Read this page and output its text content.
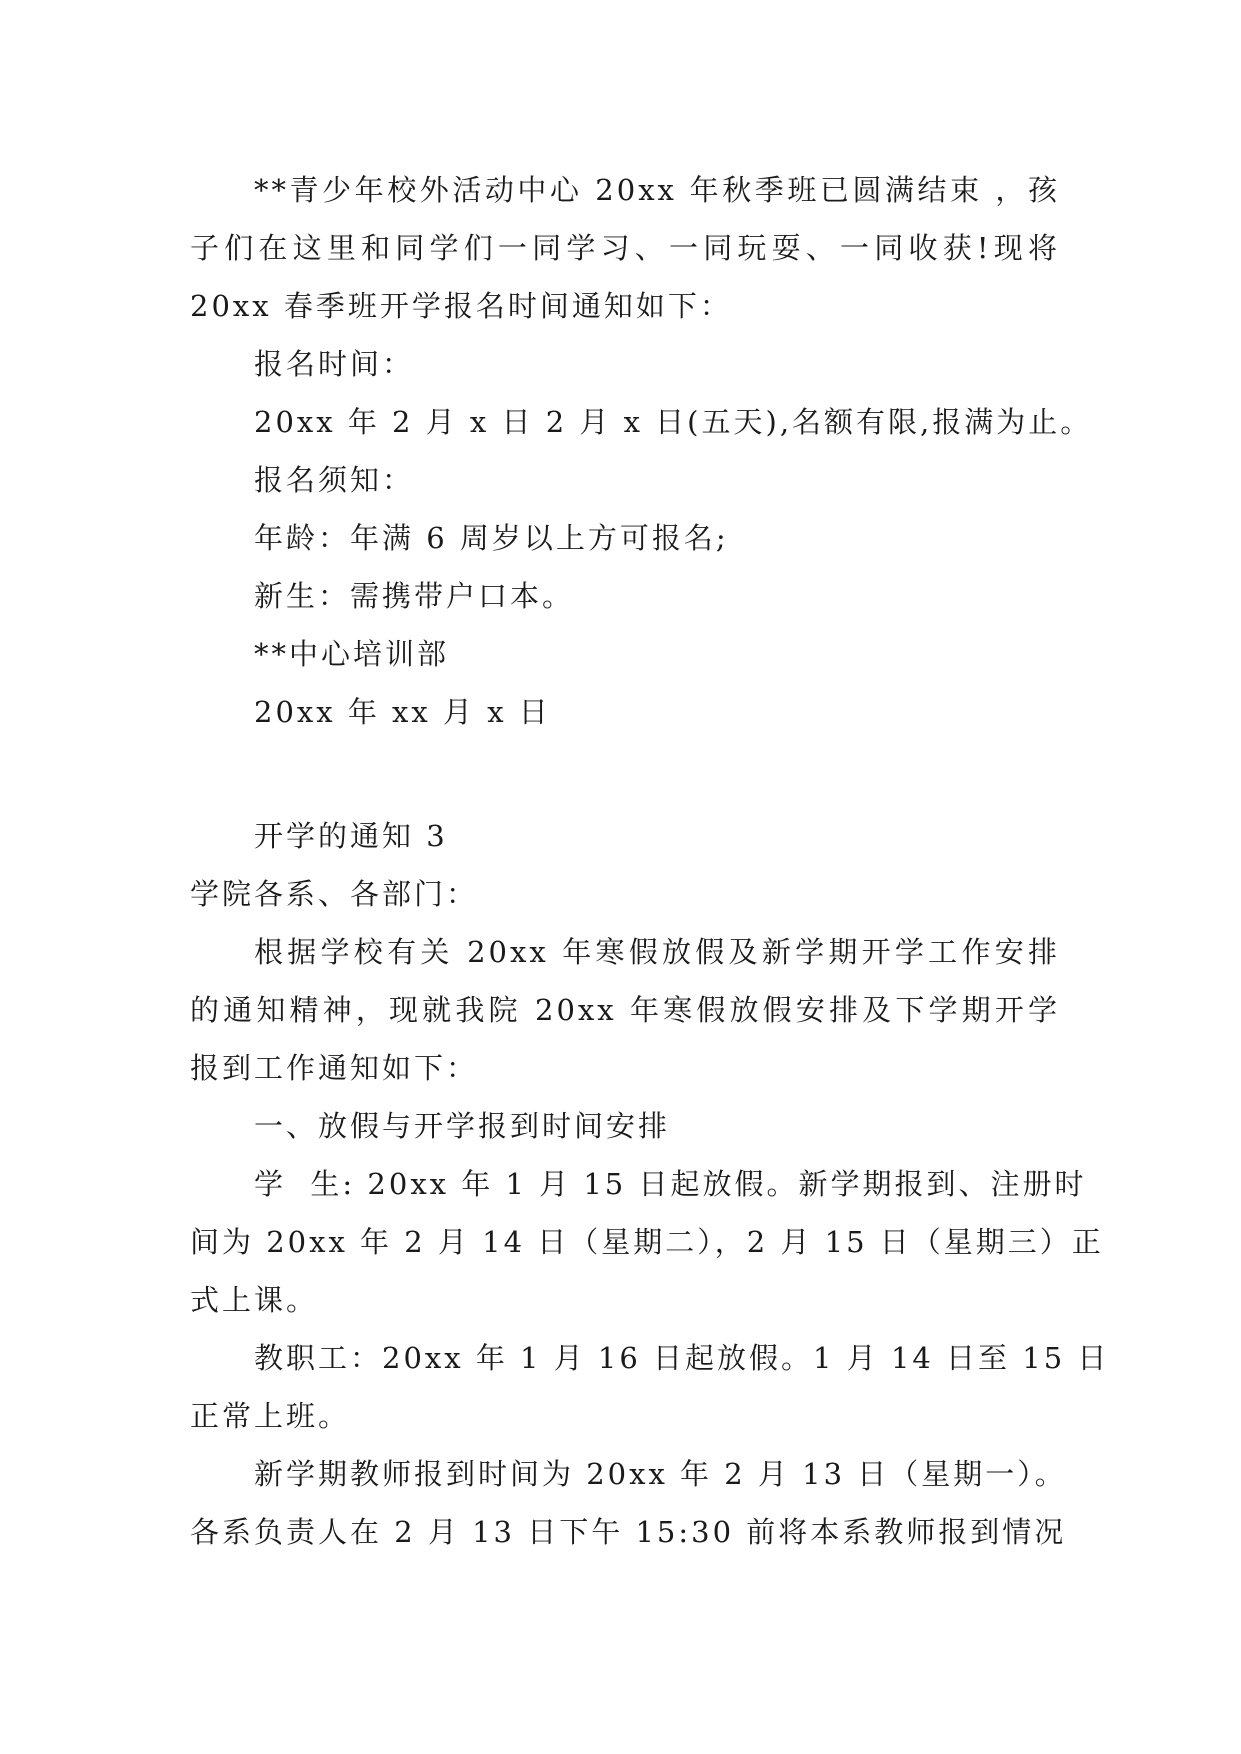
**青少年校外活动中心 20xx 年秋季班已圆满结束 ，孩
子们在这里和同学们一同学习、一同玩耍、一同收获!现将
20xx 春季班开学报名时间通知如下：
报名时间：
20xx 年 2 月 x 日 2 月 x 日(五天),名额有限,报满为止。
报名须知：
年龄：年满 6 周岁以上方可报名;
新生：需携带户口本。
**中心培训部
20xx 年 xx 月 x 日
开学的通知 3
学院各系、各部门：
根据学校有关 20xx 年寒假放假及新学期开学工作安排
的通知精神，现就我院 20xx 年寒假放假安排及下学期开学
报到工作通知如下：
一、放假与开学报到时间安排
学  生: 20xx 年 1 月 15 日起放假。新学期报到、注册时
间为 20xx 年 2 月 14 日（星期二），2 月 15 日（星期三）正
式上课。
教职工：20xx 年 1 月 16 日起放假。1 月 14 日至 15 日
正常上班。
新学期教师报到时间为 20xx 年 2 月 13 日（星期一）。
各系负责人在 2 月 13 日下午 15:30 前将本系教师报到情况
